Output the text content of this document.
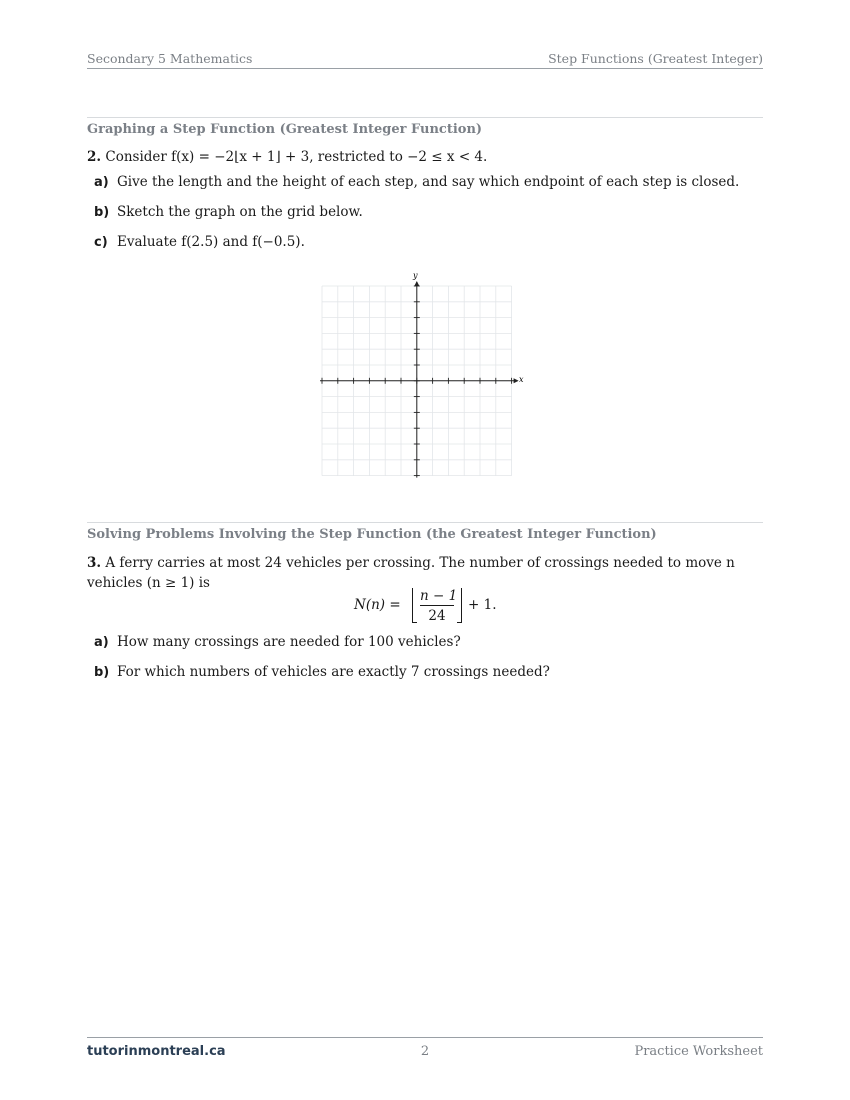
Secondary 5 Mathematics	Step Functions (Greatest Integer)
Graphing a Step Function (Greatest Integer Function)
2. Consider f(x) = −2⌊x + 1⌋ + 3, restricted to −2 ≤ x < 4.
a) Give the length and the height of each step, and say which endpoint of each step is closed.
b) Sketch the graph on the grid below.
c) Evaluate f(2.5) and f(−0.5).
x
y
Solving Problems Involving the Step Function (the Greatest Integer Function)
3. A ferry carries at most 24 vehicles per crossing. The number of crossings needed to move n vehicles (n ≥ 1) is
N(n) =
n − 1
24
+ 1.
a) How many crossings are needed for 100 vehicles?
b) For which numbers of vehicles are exactly 7 crossings needed?
tutorinmontreal.ca	2	Practice Worksheet
